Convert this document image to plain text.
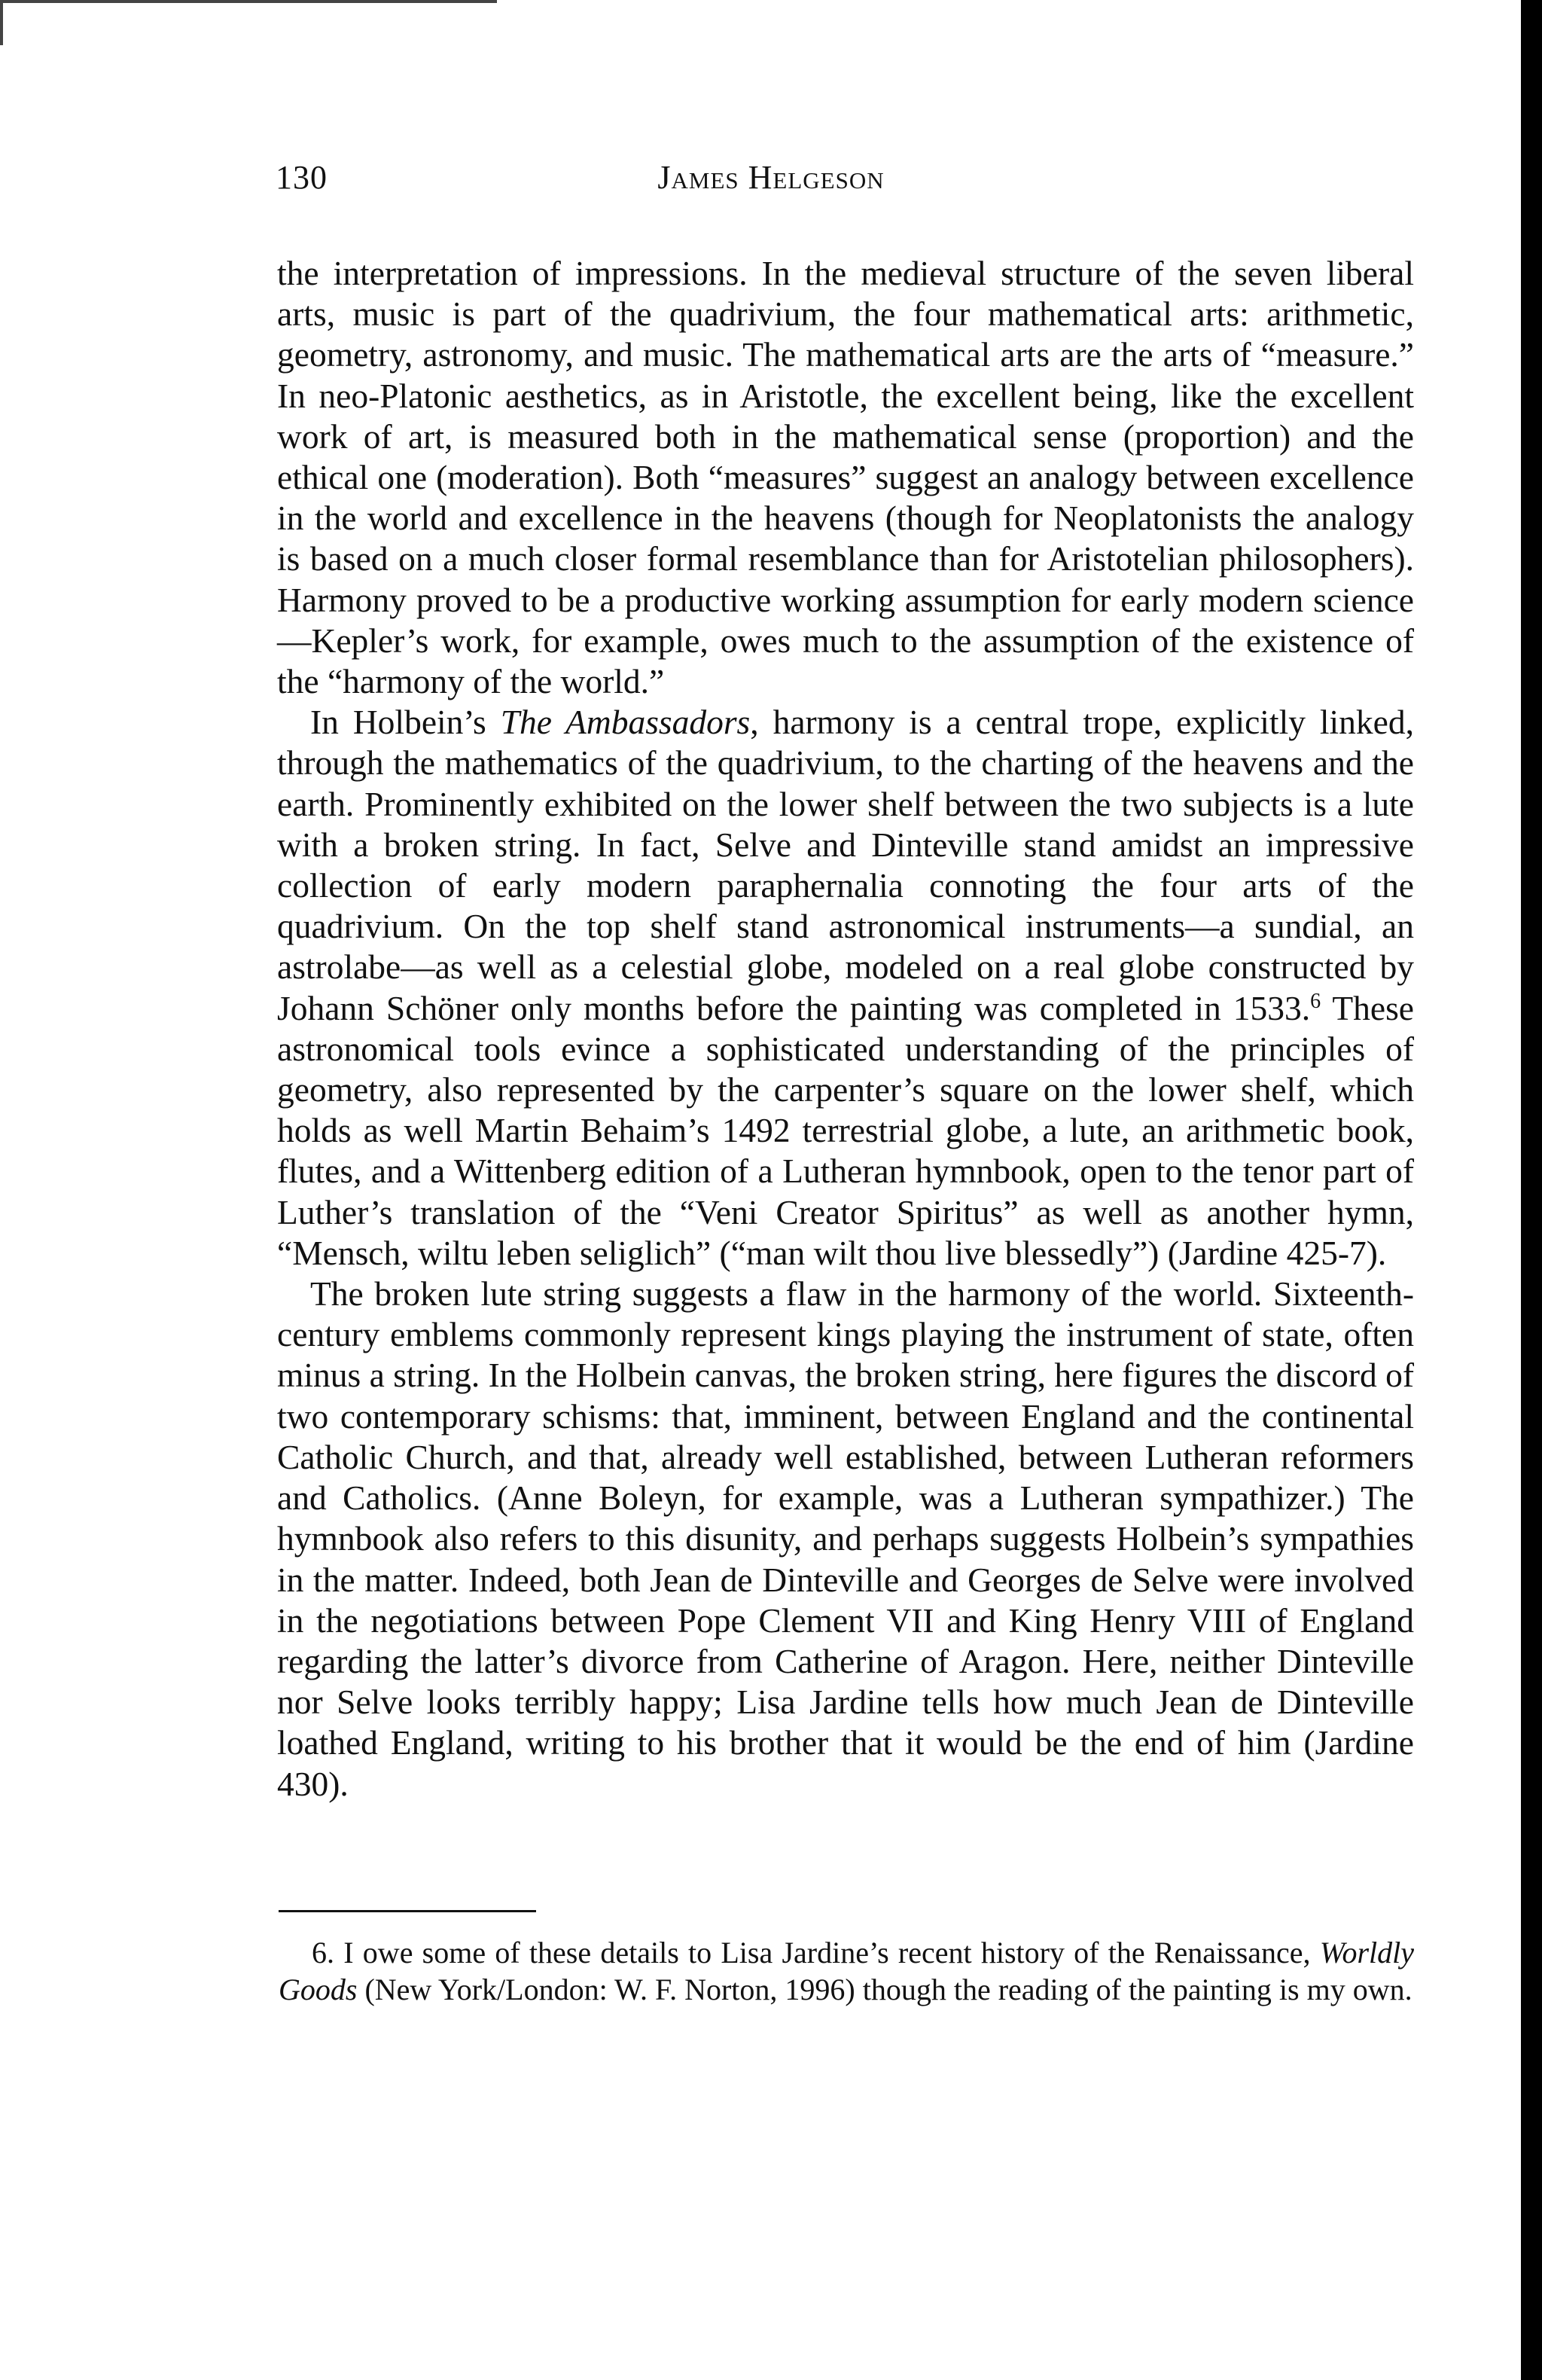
130	James Helgeson

the interpretation of impressions. In the medieval structure of the seven liberal arts, music is part of the quadrivium, the four mathematical arts: arithmetic, geometry, astronomy, and music. The mathematical arts are the arts of “measure.” In neo-Platonic aesthetics, as in Aristotle, the excellent being, like the excellent work of art, is measured both in the mathematical sense (proportion) and the ethical one (moderation). Both “measures” suggest an analogy between excellence in the world and excellence in the heavens (though for Neoplatonists the analogy is based on a much closer formal resemblance than for Aristotelian philosophers). Harmony proved to be a productive working assumption for early modern science—Kepler’s work, for example, owes much to the assumption of the existence of the “harmony of the world.”

In Holbein’s The Ambassadors, harmony is a central trope, explicitly linked, through the mathematics of the quadrivium, to the charting of the heavens and the earth. Prominently exhibited on the lower shelf between the two subjects is a lute with a broken string. In fact, Selve and Dinteville stand amidst an impressive collection of early modern paraphernalia connoting the four arts of the quadrivium. On the top shelf stand astronomical instruments—a sundial, an astrolabe—as well as a celestial globe, modeled on a real globe constructed by Johann Schöner only months before the painting was completed in 1533.$^6$ These astronomical tools evince a sophisticated understanding of the principles of geometry, also represented by the carpenter’s square on the lower shelf, which holds as well Martin Behaim’s 1492 terrestrial globe, a lute, an arithmetic book, flutes, and a Wittenberg edition of a Lutheran hymnbook, open to the tenor part of Luther’s translation of the “Veni Creator Spiritus” as well as another hymn, “Mensch, wiltu leben seliglich” (“man wilt thou live blessedly”) (Jardine 425-7).

The broken lute string suggests a flaw in the harmony of the world. Sixteenth-century emblems commonly represent kings playing the instrument of state, often minus a string. In the Holbein canvas, the broken string, here figures the discord of two contemporary schisms: that, imminent, between England and the continental Catholic Church, and that, already well established, between Lutheran reformers and Catholics. (Anne Boleyn, for example, was a Lutheran sympathizer.) The hymnbook also refers to this disunity, and perhaps suggests Holbein’s sympathies in the matter. Indeed, both Jean de Dinteville and Georges de Selve were involved in the negotiations between Pope Clement VII and King Henry VIII of England regarding the latter’s divorce from Catherine of Aragon. Here, neither Dinteville nor Selve looks terribly happy; Lisa Jardine tells how much Jean de Dinteville loathed England, writing to his brother that it would be the end of him (Jardine 430).

6. I owe some of these details to Lisa Jardine’s recent history of the Renaissance, Worldly Goods (New York/London: W. F. Norton, 1996) though the reading of the painting is my own.
